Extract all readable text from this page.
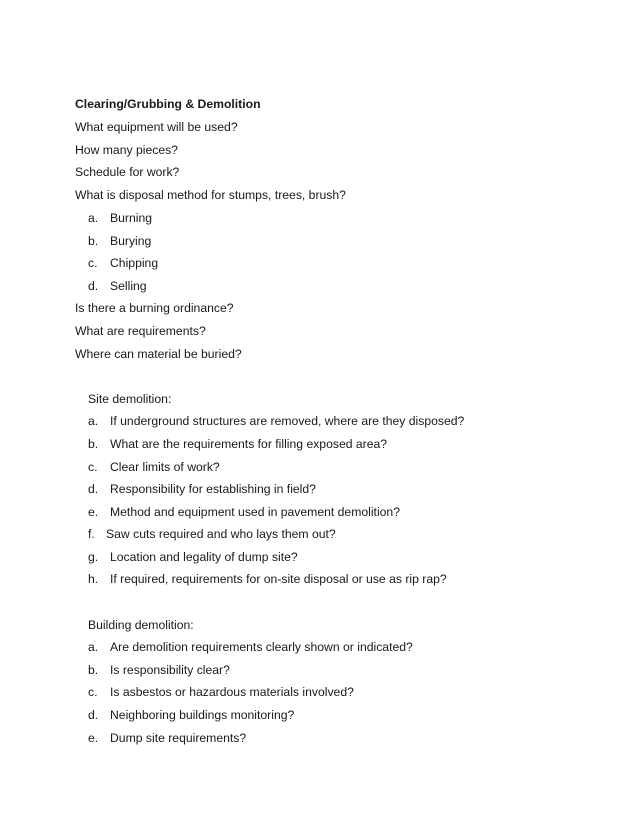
Clearing/Grubbing & Demolition
What equipment will be used?
How many pieces?
Schedule for work?
What is disposal method for stumps, trees, brush?
a. Burning
b. Burying
c. Chipping
d. Selling
Is there a burning ordinance?
What are requirements?
Where can material be buried?
Site demolition:
a. If underground structures are removed, where are they disposed?
b. What are the requirements for filling exposed area?
c. Clear limits of work?
d. Responsibility for establishing in field?
e. Method and equipment used in pavement demolition?
f. Saw cuts required and who lays them out?
g. Location and legality of dump site?
h. If required, requirements for on-site disposal or use as rip rap?
Building demolition:
a. Are demolition requirements clearly shown or indicated?
b. Is responsibility clear?
c. Is asbestos or hazardous materials involved?
d. Neighboring buildings monitoring?
e. Dump site requirements?
